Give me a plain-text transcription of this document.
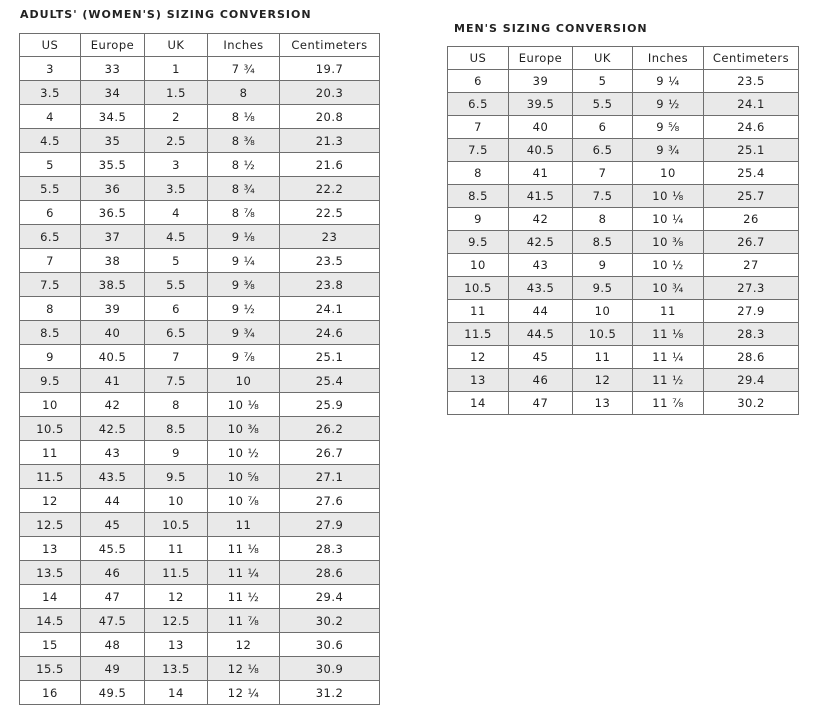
ADULTS' (WOMEN'S) SIZING CONVERSION
US	Europe	UK	Inches	Centimeters
3	33	1	7 ¾	19.7
3.5	34	1.5	8	20.3
4	34.5	2	8 ⅛	20.8
4.5	35	2.5	8 ⅜	21.3
5	35.5	3	8 ½	21.6
5.5	36	3.5	8 ¾	22.2
6	36.5	4	8 ⅞	22.5
6.5	37	4.5	9 ⅛	23
7	38	5	9 ¼	23.5
7.5	38.5	5.5	9 ⅜	23.8
8	39	6	9 ½	24.1
8.5	40	6.5	9 ¾	24.6
9	40.5	7	9 ⅞	25.1
9.5	41	7.5	10	25.4
10	42	8	10 ⅛	25.9
10.5	42.5	8.5	10 ⅜	26.2
11	43	9	10 ½	26.7
11.5	43.5	9.5	10 ⅝	27.1
12	44	10	10 ⅞	27.6
12.5	45	10.5	11	27.9
13	45.5	11	11 ⅛	28.3
13.5	46	11.5	11 ¼	28.6
14	47	12	11 ½	29.4
14.5	47.5	12.5	11 ⅞	30.2
15	48	13	12	30.6
15.5	49	13.5	12 ⅛	30.9
16	49.5	14	12 ¼	31.2
MEN'S SIZING CONVERSION
US	Europe	UK	Inches	Centimeters
6	39	5	9 ¼	23.5
6.5	39.5	5.5	9 ½	24.1
7	40	6	9 ⅝	24.6
7.5	40.5	6.5	9 ¾	25.1
8	41	7	10	25.4
8.5	41.5	7.5	10 ⅛	25.7
9	42	8	10 ¼	26
9.5	42.5	8.5	10 ⅜	26.7
10	43	9	10 ½	27
10.5	43.5	9.5	10 ¾	27.3
11	44	10	11	27.9
11.5	44.5	10.5	11 ⅛	28.3
12	45	11	11 ¼	28.6
13	46	12	11 ½	29.4
14	47	13	11 ⅞	30.2
